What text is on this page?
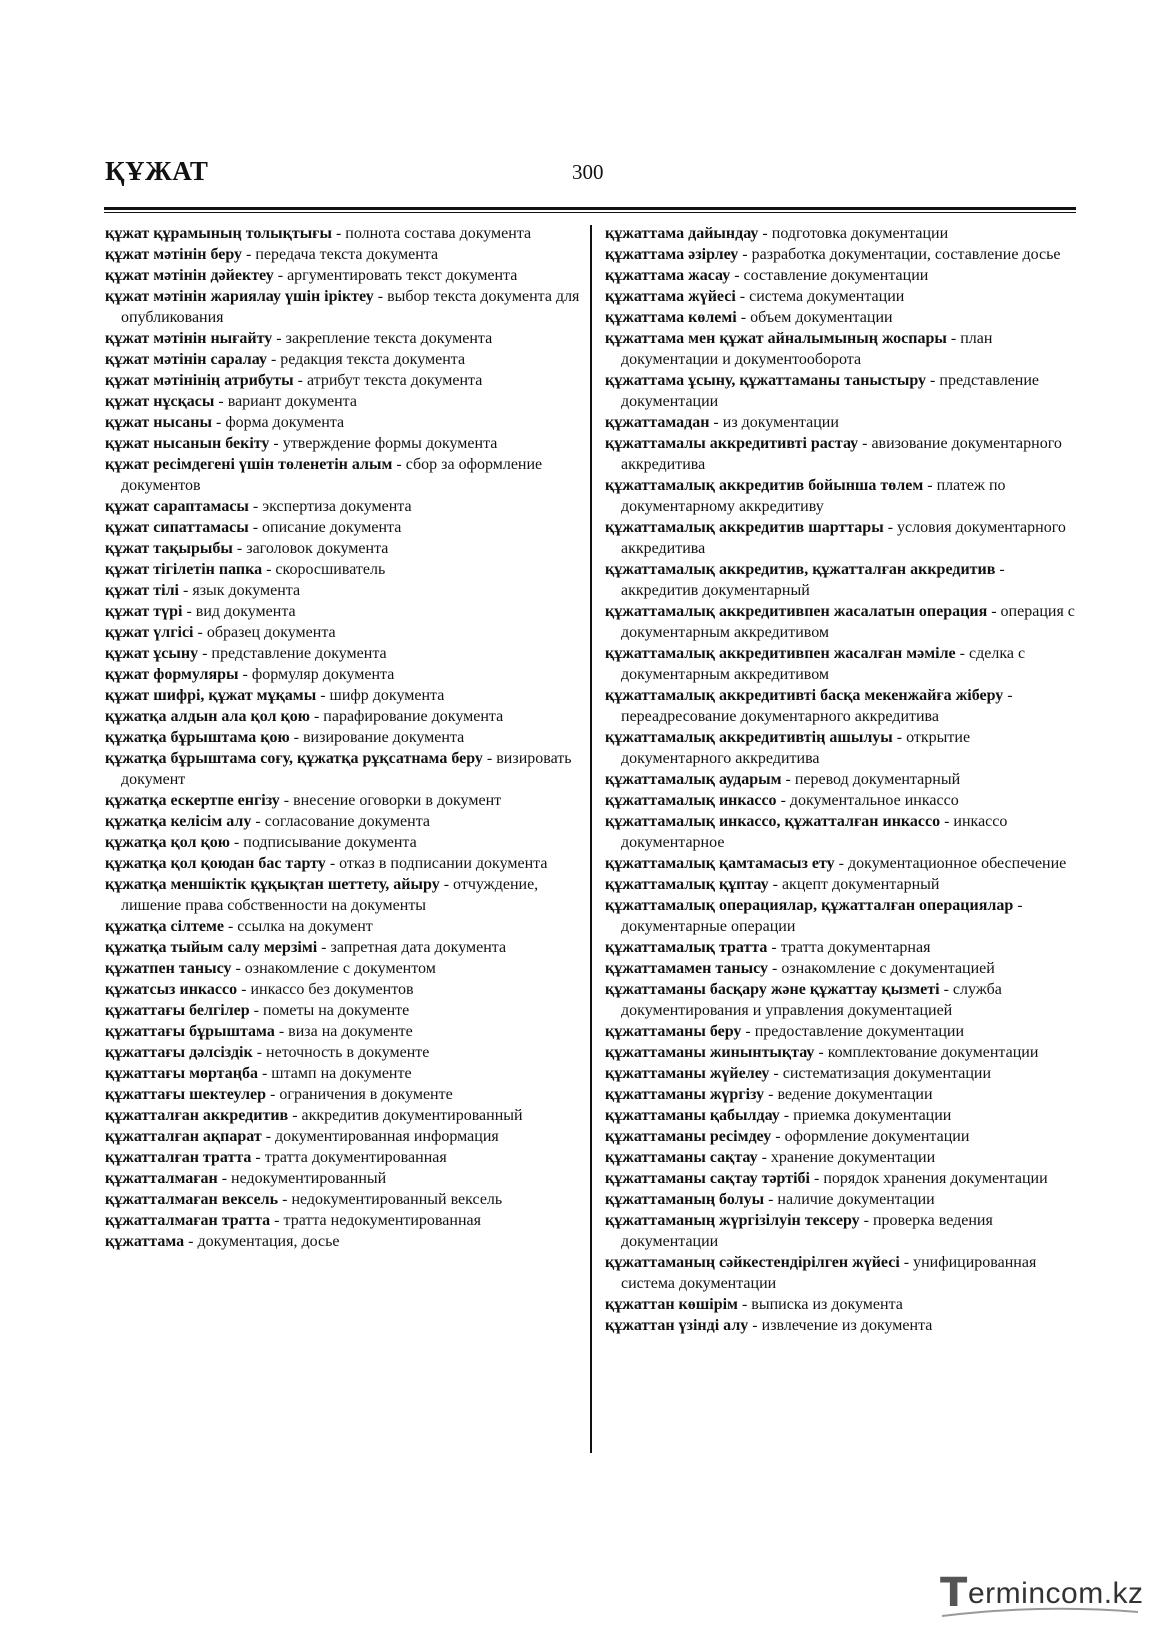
ҚҰЖАТ	300

құжат құрамының толықтығы - полнота состава документа

құжат мәтінін беру - передача текста документа

құжат мәтінін дәйектеу - аргументировать текст документа

құжат мәтінін жариялау үшін іріктеу - выбор текста документа для опубликования

құжат мәтінін нығайту - закрепление текста документа

құжат мәтінін саралау - редакция текста документа

құжат мәтінінің атрибуты - атрибут текста документа

құжат нұсқасы - вариант документа

құжат нысаны - форма документа

құжат нысанын бекіту - утверждение формы документа

құжат ресімдегені үшін төленетін алым - сбор за оформление документов

құжат сараптамасы - экспертиза документа

құжат сипаттамасы - описание документа

құжат тақырыбы - заголовок документа

құжат тігілетін папка - скоросшиватель

құжат тілі - язык документа

құжат түрі - вид документа

құжат үлгісі - образец документа

құжат ұсыну - представление документа

құжат формуляры - формуляр документа

құжат шифрі, құжат мұқамы - шифр документа

құжатқа алдын ала қол қою - парафирование документа

құжатқа бұрыштама қою - визирование документа

құжатқа бұрыштама соғу, құжатқа рұқсатнама беру - визировать документ

құжатқа ескертпе енгізу - внесение оговорки в документ

құжатқа келісім алу - согласование документа

құжатқа қол қою - подписывание документа

құжатқа қол қоюдан бас тарту - отказ в подписании документа

құжатқа меншіктік құқықтан шеттету, айыру - отчуждение, лишение права собственности на документы

құжатқа сілтеме - ссылка на документ

құжатқа тыйым салу мерзімі - запретная дата документа

құжатпен танысу - ознакомление с документом

құжатсыз инкассо - инкассо без документов

құжаттағы белгілер - пометы на документе

құжаттағы бұрыштама - виза на документе

құжаттағы дәлсіздік - неточность в документе

құжаттағы мөртаңба - штамп на документе

құжаттағы шектеулер - ограничения в документе

құжатталған аккредитив - аккредитив документированный

құжатталған ақпарат - документированная информация

құжатталған тратта - тратта документированная

құжатталмаған - недокументированный

құжатталмаған вексель - недокументированный вексель

құжатталмаған тратта - тратта недокументированная

құжаттама - документация, досье

құжаттама дайындау - подготовка документации

құжаттама әзірлеу - разработка документации, составление досье

құжаттама жасау - составление документации

құжаттама жүйесі - система документации

құжаттама көлемі - объем документации

құжаттама мен құжат айналымының жоспары - план документации и документооборота

құжаттама ұсыну, құжаттаманы таныстыру - представление документации

құжаттамадан - из документации

құжаттамалы аккредитивті растау - авизование документарного аккредитива

құжаттамалық аккредитив бойынша төлем - платеж по документарному аккредитиву

құжаттамалық аккредитив шарттары - условия документарного аккредитива

құжаттамалық аккредитив, құжатталған аккредитив - аккредитив документарный

құжаттамалық аккредитивпен жасалатын операция - операция с документарным аккредитивом

құжаттамалық аккредитивпен жасалған мәміле - сделка с документарным аккредитивом

құжаттамалық аккредитивті басқа мекенжайға жіберу - переадресование документарного аккредитива

құжаттамалық аккредитивтің ашылуы - открытие документарного аккредитива

құжаттамалық аударым - перевод документарный

құжаттамалық инкассо - документальное инкассо

құжаттамалық инкассо, құжатталған инкассо - инкассо документарное

құжаттамалық қамтамасыз ету - документационное обеспечение

құжаттамалық құптау - акцепт документарный

құжаттамалық операциялар, құжатталған операциялар - документарные операции

құжаттамалық тратта - тратта документарная

құжаттамамен танысу - ознакомление с документацией

құжаттаманы басқару және құжаттау қызметі - служба документирования и управления документацией

құжаттаманы беру - предоставление документации

құжаттаманы жинынтықтау - комплектование документации

құжаттаманы жүйелеу - систематизация документации

құжаттаманы жүргізу - ведение документации

құжаттаманы қабылдау - приемка документации

құжаттаманы ресімдеу - оформление документации

құжаттаманы сақтау - хранение документации

құжаттаманы сақтау тәртібі - порядок хранения документации

құжаттаманың болуы - наличие документации

құжаттаманың жүргізілуін тексеру - проверка ведения документации

құжаттаманың сәйкестендірілген жүйесі - унифицированная система документации

құжаттан көшірім - выписка из документа

құжаттан үзінді алу - извлечение из документа

T ermincom.kz
